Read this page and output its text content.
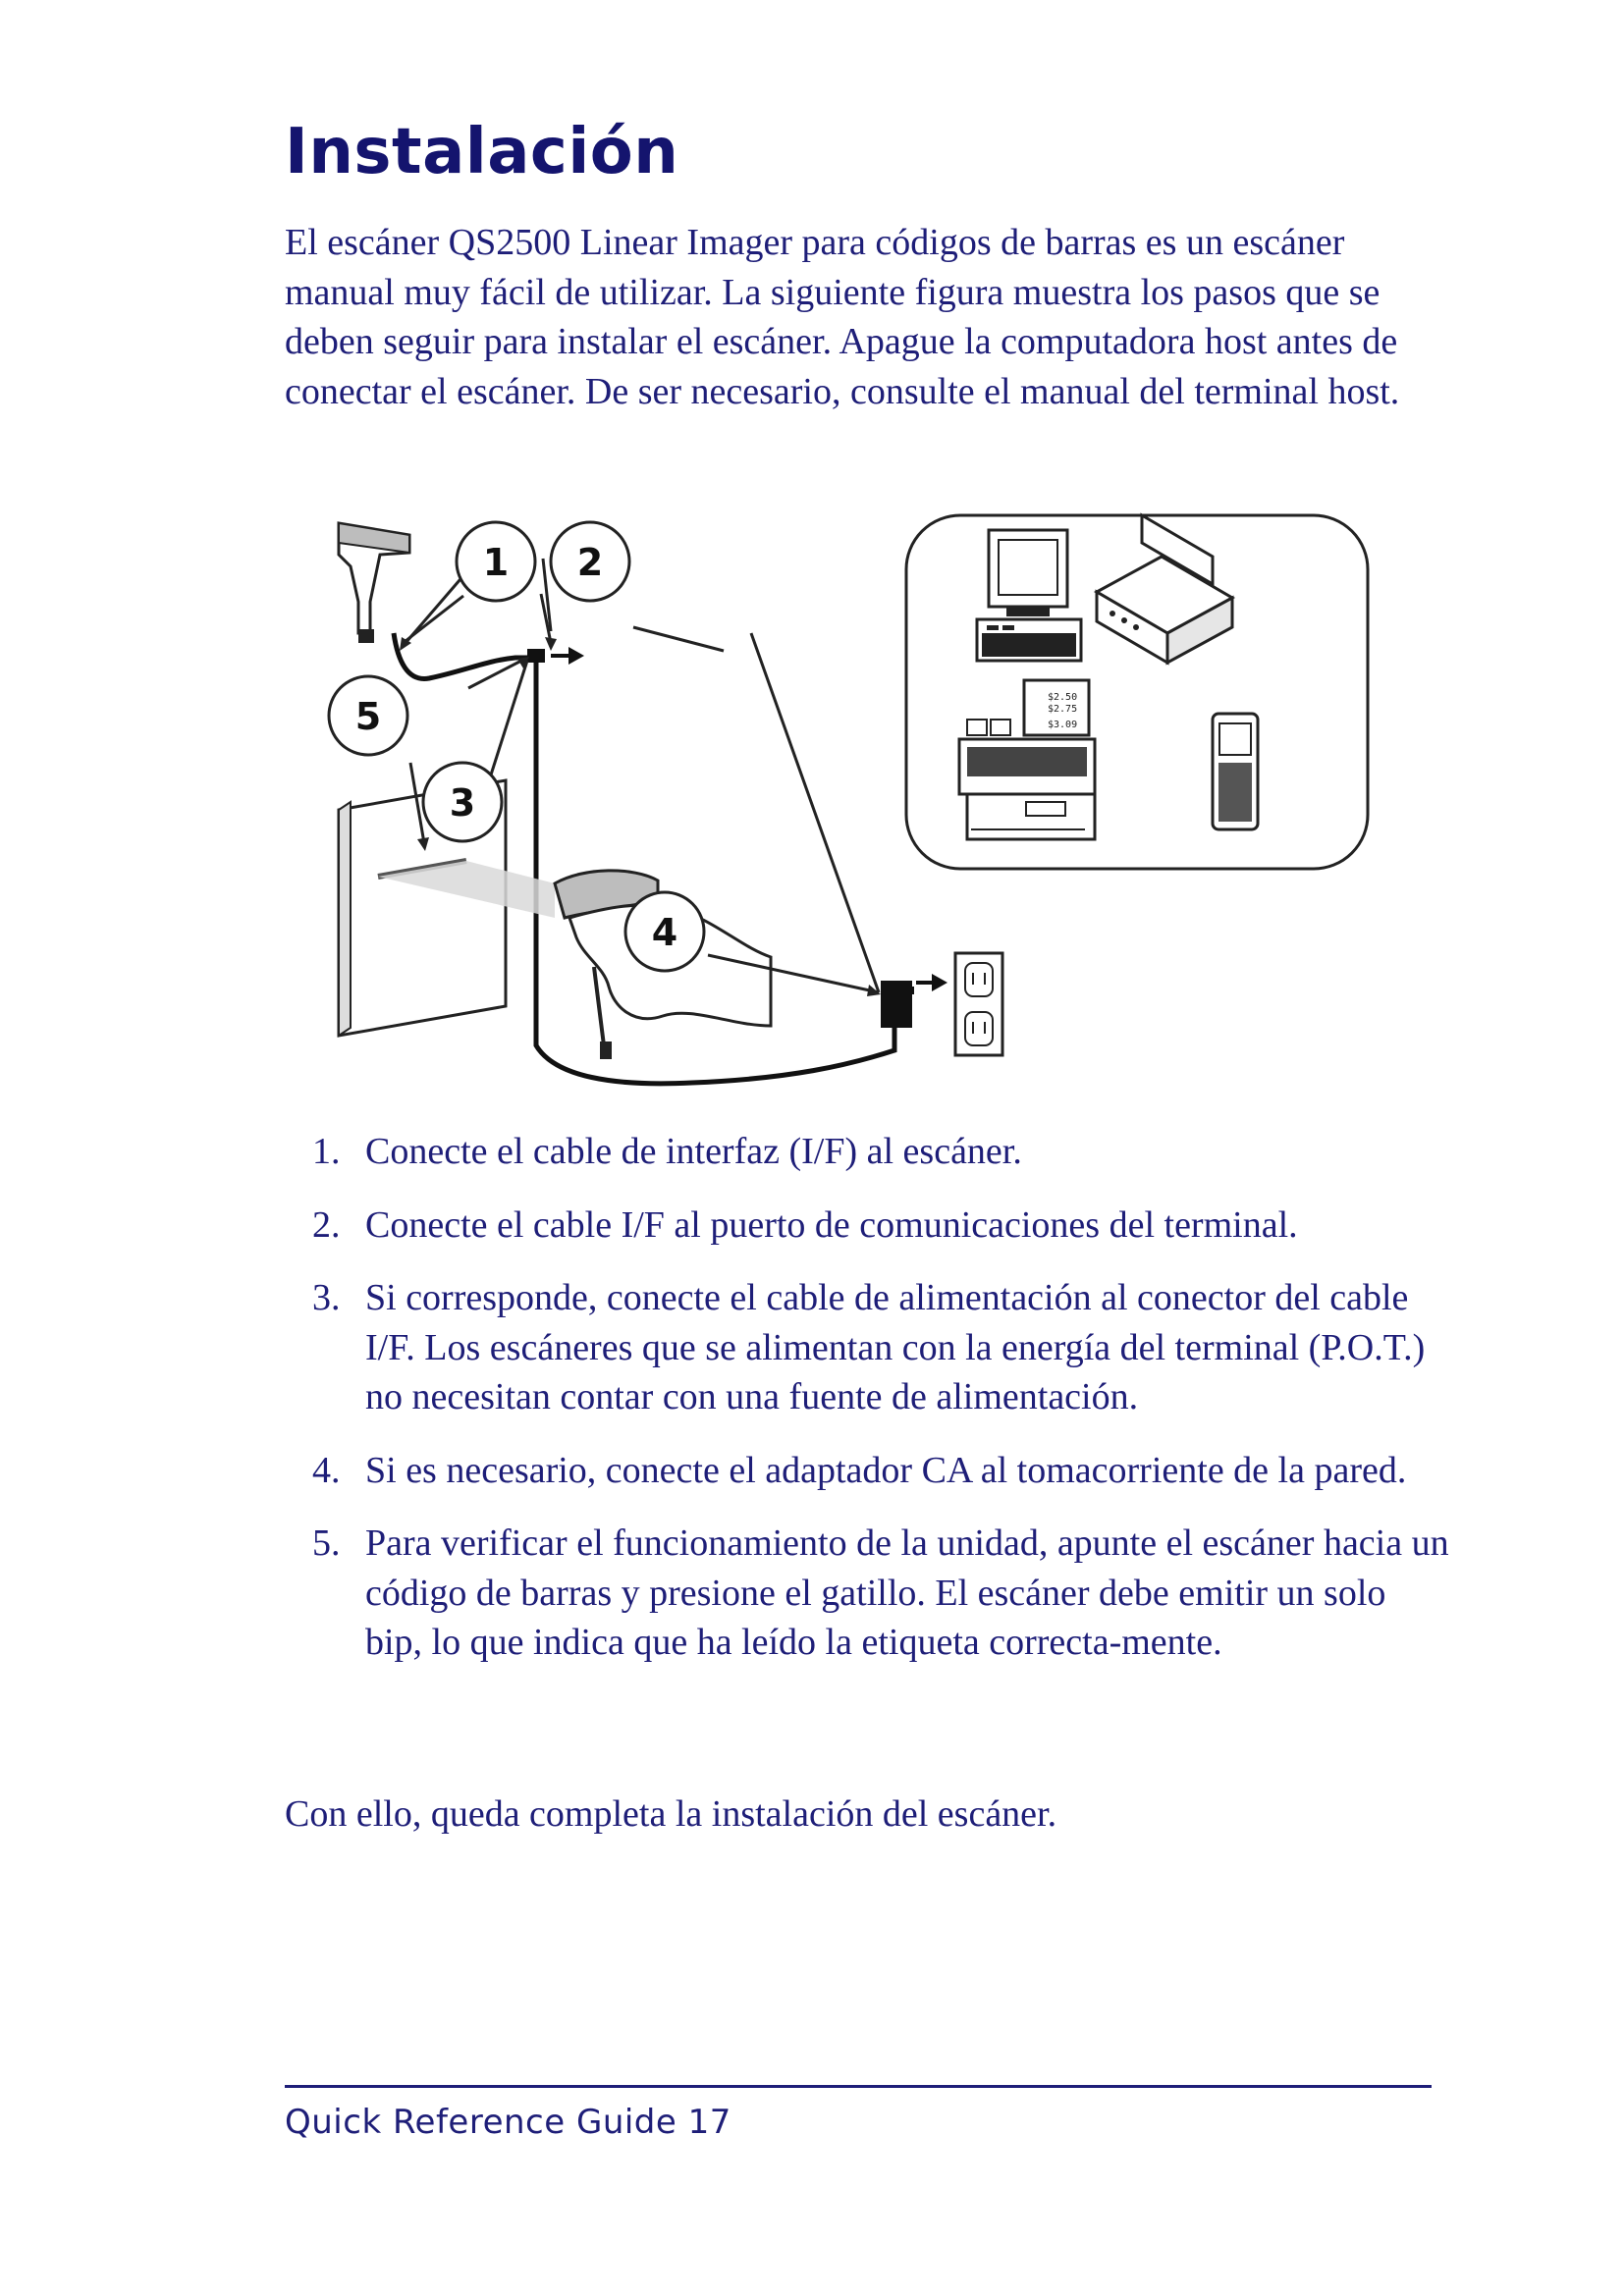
Instalación

El escáner QS2500 Linear Imager para códigos de barras es un escáner manual muy fácil de utilizar. La siguiente figura muestra los pasos que se deben seguir para instalar el escáner. Apague la computadora host antes de conectar el escáner. De ser necesario, consulte el manual del terminal host.

$2.50
$2.75
$3.09
1 2
3
4
5
1. Conecte el cable de interfaz (I/F) al escáner.
2. Conecte el cable I/F al puerto de comunicaciones del terminal.
3. Si corresponde, conecte el cable de alimentación al conector del cable I/F. Los escáneres que se alimentan con la energía del terminal (P.O.T.) no necesitan contar con una fuente de alimentación.
4. Si es necesario, conecte el adaptador CA al tomacorriente de la pared.
5. Para verificar el funcionamiento de la unidad, apunte el escáner hacia un código de barras y presione el gatillo. El escáner debe emitir un solo bip, lo que indica que ha leído la etiqueta correcta-mente.

Con ello, queda completa la instalación del escáner.

Quick Reference Guide 17
